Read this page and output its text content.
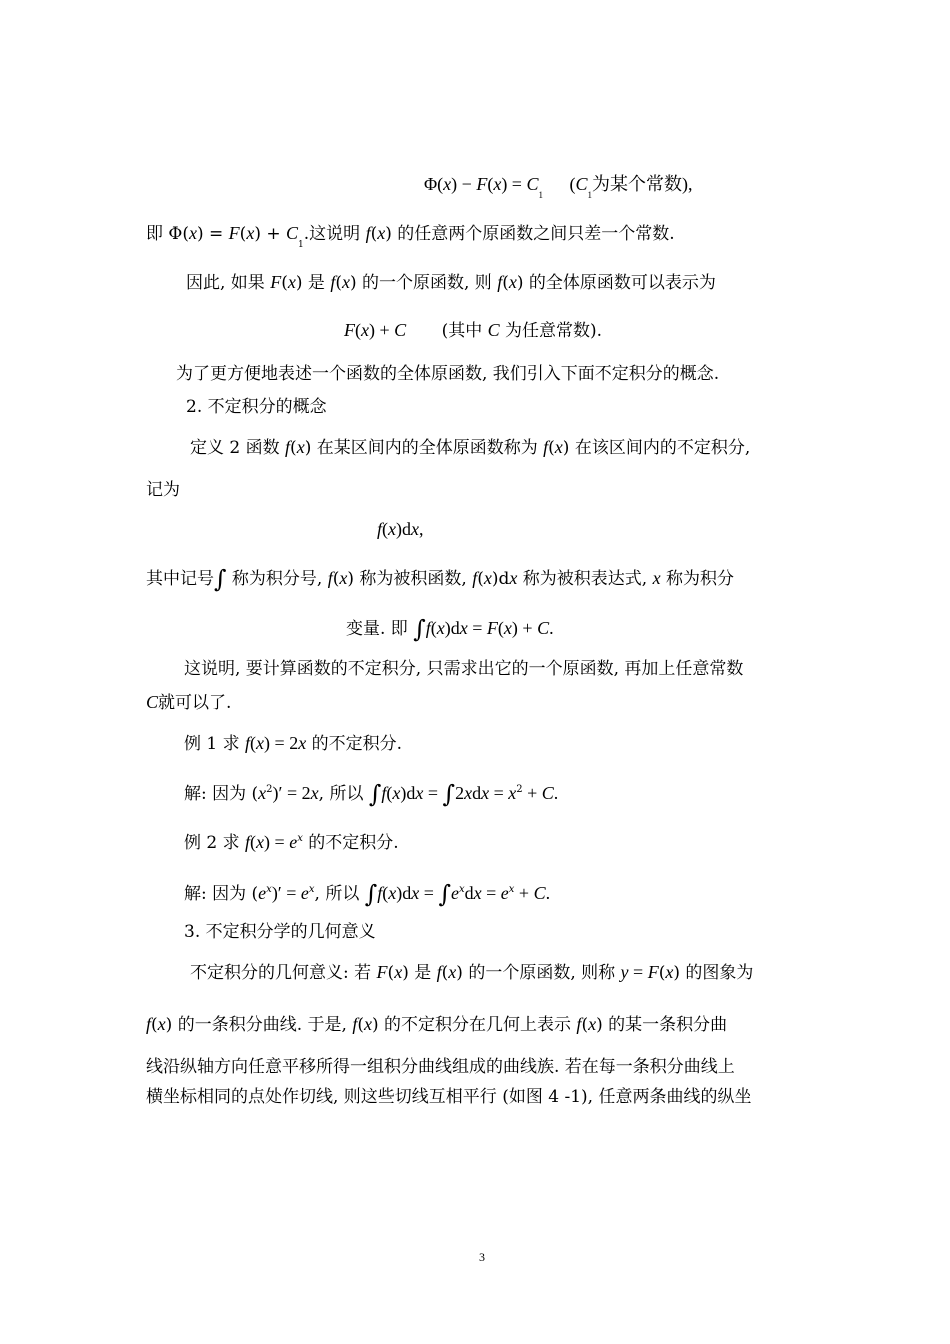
$\Phi(x) - F(x) = C_1$ ($C_1$为某个常数),
即 $\Phi(x) = F(x) + C_1$.这说明 f(x) 的任意两个原函数之间只差一个常数.
因此, 如果 F(x) 是 f(x) 的一个原函数, 则 f(x) 的全体原函数可以表示为
F(x) + C (其中 C 为任意常数).
为了更方便地表述一个函数的全体原函数, 我们引入下面不定积分的概念.
2. 不定积分的概念
定义 2 函数 f(x) 在某区间内的全体原函数称为 f(x) 在该区间内的不定积分,
记为
f(x)dx,
其中记号∫ 称为积分号, f(x) 称为被积函数, f(x)dx 称为被积表达式, x 称为积分
变量. 即 ∫f(x)dx = F(x) + C.
这说明, 要计算函数的不定积分, 只需求出它的一个原函数, 再加上任意常数
C就可以了.
例 1 求 f(x) = 2x 的不定积分.
解: 因为 $(x^2)' = 2x$, 所以 $\int f(x)dx = \int 2xdx = x^2 + C$.
例 2 求 $f(x) = e^x$ 的不定积分.
解: 因为 $(e^x)' = e^x$, 所以 $\int f(x)dx = \int e^xdx = e^x + C$.
3. 不定积分学的几何意义
不定积分的几何意义: 若 F(x) 是 f(x) 的一个原函数, 则称 y = F(x) 的图象为
f(x) 的一条积分曲线. 于是, f(x) 的不定积分在几何上表示 f(x) 的某一条积分曲
线沿纵轴方向任意平移所得一组积分曲线组成的曲线族. 若在每一条积分曲线上
横坐标相同的点处作切线, 则这些切线互相平行 (如图 4 -1), 任意两条曲线的纵坐
3
